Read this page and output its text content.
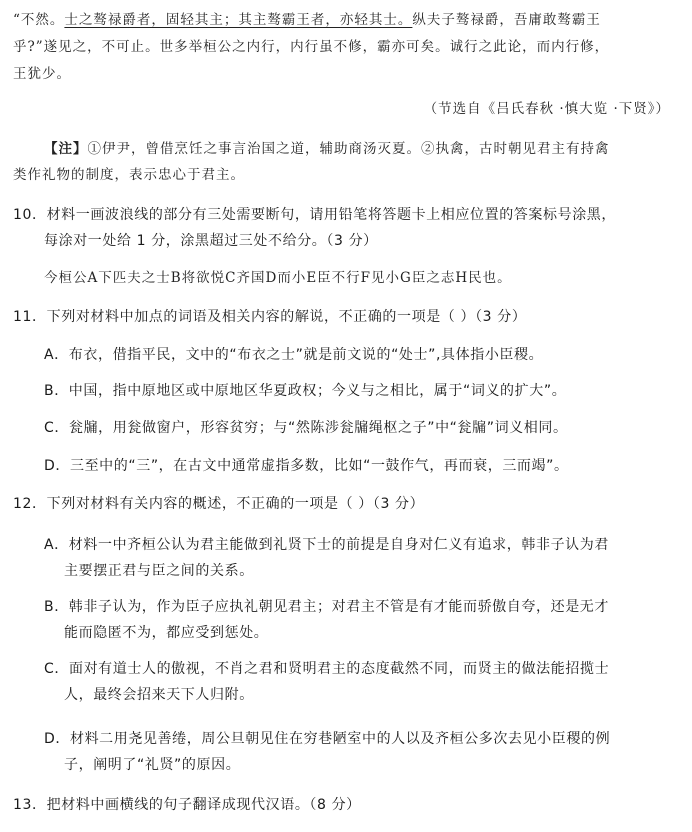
“不然。士之骜禄爵者，固轻其主；其主骜霸王者，亦轻其士。纵夫子骜禄爵，吾庸敢骜霸王
乎?”遂见之，不可止。世多举桓公之内行，内行虽不修，霸亦可矣。诚行之此论，而内行修，
王犹少。
（节选自《吕氏春秋 ·慎大览 ·下贤》）
【注】①伊尹，曾借烹饪之事言治国之道，辅助商汤灭夏。②执禽，古时朝见君主有持禽
类作礼物的制度，表示忠心于君主。
10．材料一画波浪线的部分有三处需要断句，请用铅笔将答题卡上相应位置的答案标号涂黑，
每涂对一处给 1 分，涂黑超过三处不给分。（3 分）
今桓公A下匹夫之士B将欲悦C齐国D而小E臣不行F见小G臣之志H民也。
11．下列对材料中加点的词语及相关内容的解说，不正确的一项是（ ）（3 分）
A．布衣，借指平民，文中的“布衣之士”就是前文说的“处士”,具体指小臣稷。
B．中国，指中原地区或中原地区华夏政权；今义与之相比，属于“词义的扩大”。
C．瓮牖，用瓮做窗户，形容贫穷；与“然陈涉瓮牖绳枢之子”中“瓮牖”词义相同。
D．三至中的“三”，在古文中通常虚指多数，比如“一鼓作气，再而衰，三而竭”。
12．下列对材料有关内容的概述，不正确的一项是（ ）（3 分）
A．材料一中齐桓公认为君主能做到礼贤下士的前提是自身对仁义有追求，韩非子认为君
主要摆正君与臣之间的关系。
B．韩非子认为，作为臣子应执礼朝见君主；对君主不管是有才能而骄傲自夸，还是无才
能而隐匿不为，都应受到惩处。
C．面对有道士人的傲视，不肖之君和贤明君主的态度截然不同，而贤主的做法能招揽士
人，最终会招来天下人归附。
D．材料二用尧见善绻，周公旦朝见住在穷巷陋室中的人以及齐桓公多次去见小臣稷的例
子，阐明了“礼贤”的原因。
13．把材料中画横线的句子翻译成现代汉语。（8 分）
